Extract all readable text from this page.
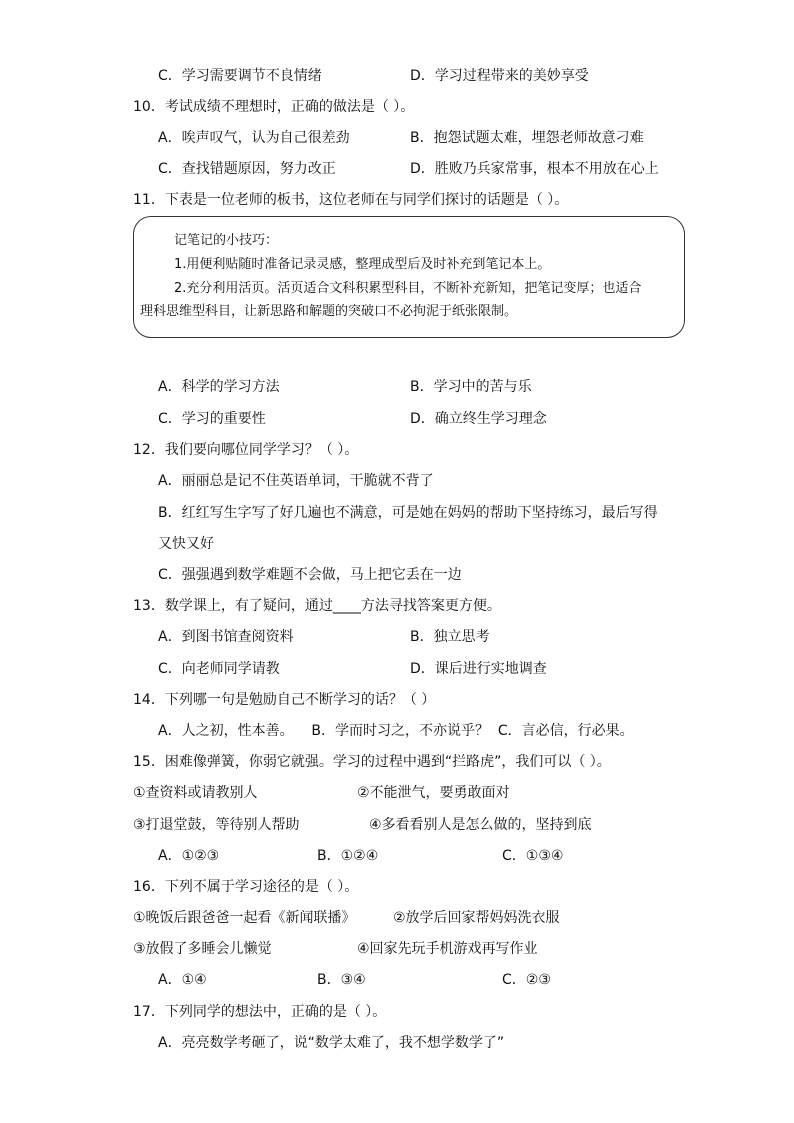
C．学习需要调节不良情绪	D．学习过程带来的美妙享受
10．考试成绩不理想时，正确的做法是（ ）。
A．唉声叹气，认为自己很差劲	B．抱怨试题太难，埋怨老师故意刁难
C．查找错题原因，努力改正	D．胜败乃兵家常事，根本不用放在心上
11．下表是一位老师的板书，这位老师在与同学们探讨的话题是（ ）。
记笔记的小技巧：
1.用便利贴随时准备记录灵感，整理成型后及时补充到笔记本上。
2.充分利用活页。活页适合文科积累型科目，不断补充新知，把笔记变厚；也适合
理科思维型科目，让新思路和解题的突破口不必拘泥于纸张限制。
A．科学的学习方法	B．学习中的苦与乐
C．学习的重要性	D．确立终生学习理念
12．我们要向哪位同学学习？（ ）。
A．丽丽总是记不住英语单词，干脆就不背了
B．红红写生字写了好几遍也不满意，可是她在妈妈的帮助下坚持练习，最后写得
又快又好
C．强强遇到数学难题不会做，马上把它丢在一边
13．数学课上，有了疑问，通过____方法寻找答案更方便。
A．到图书馆查阅资料	B．独立思考
C．向老师同学请教	D．课后进行实地调查
14．下列哪一句是勉励自己不断学习的话？（ ）
A．人之初，性本善。    B．学而时习之，不亦说乎？  C．言必信，行必果。
15．困难像弹簧，你弱它就强。学习的过程中遇到“拦路虎”，我们可以（ ）。
①查资料或请教别人	②不能泄气，要勇敢面对
③打退堂鼓，等待别人帮助	④多看看别人是怎么做的，坚持到底
A．①②③	B．①②④	C．①③④
16．下列不属于学习途径的是（ ）。
①晚饭后跟爸爸一起看《新闻联播》	②放学后回家帮妈妈洗衣服
③放假了多睡会儿懒觉	④回家先玩手机游戏再写作业
A．①④	B．③④	C．②③
17．下列同学的想法中，正确的是（ ）。
A．亮亮数学考砸了，说“数学太难了，我不想学数学了”
